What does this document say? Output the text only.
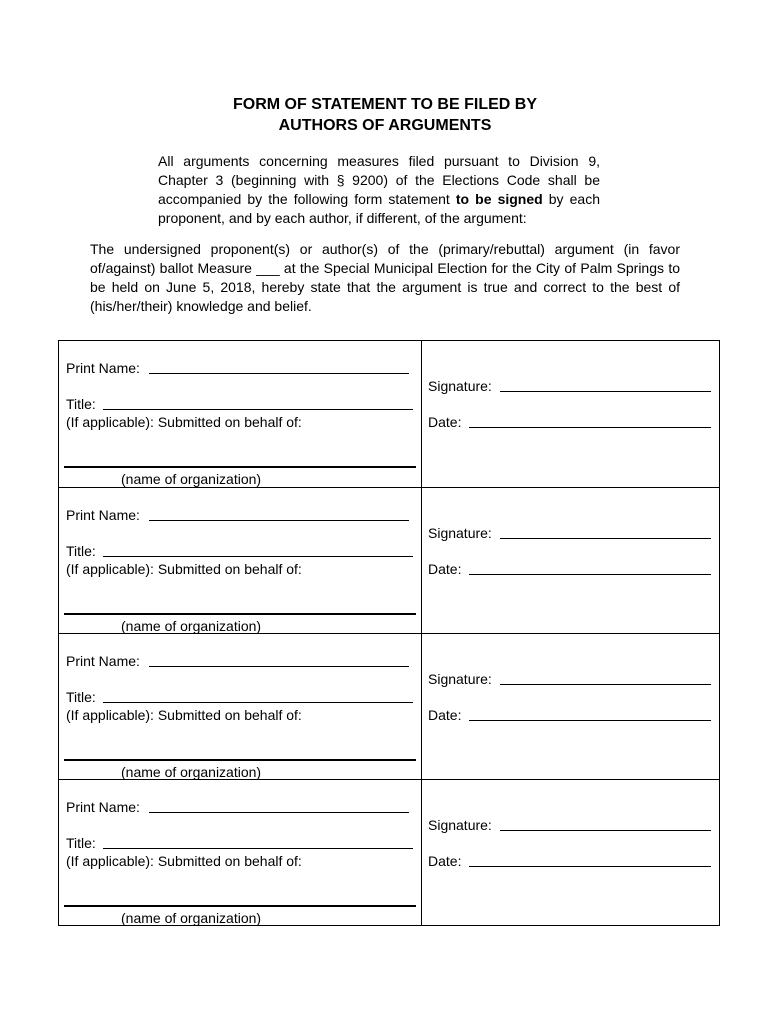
FORM OF STATEMENT TO BE FILED BY
AUTHORS OF ARGUMENTS
All arguments concerning measures filed pursuant to Division 9, Chapter 3 (beginning with § 9200) of the Elections Code shall be accompanied by the following form statement to be signed by each proponent, and by each author, if different, of the argument:
The undersigned proponent(s) or author(s) of the (primary/rebuttal) argument (in favor of/against) ballot Measure ___ at the Special Municipal Election for the City of Palm Springs to be held on June 5, 2018, hereby state that the argument is true and correct to the best of (his/her/their) knowledge and belief.
Print Name:
Title:
(If applicable): Submitted on behalf of:
(name of organization)
Signature:
Date:
Print Name:
Title:
(If applicable): Submitted on behalf of:
(name of organization)
Signature:
Date:
Print Name:
Title:
(If applicable): Submitted on behalf of:
(name of organization)
Signature:
Date:
Print Name:
Title:
(If applicable): Submitted on behalf of:
(name of organization)
Signature:
Date:
